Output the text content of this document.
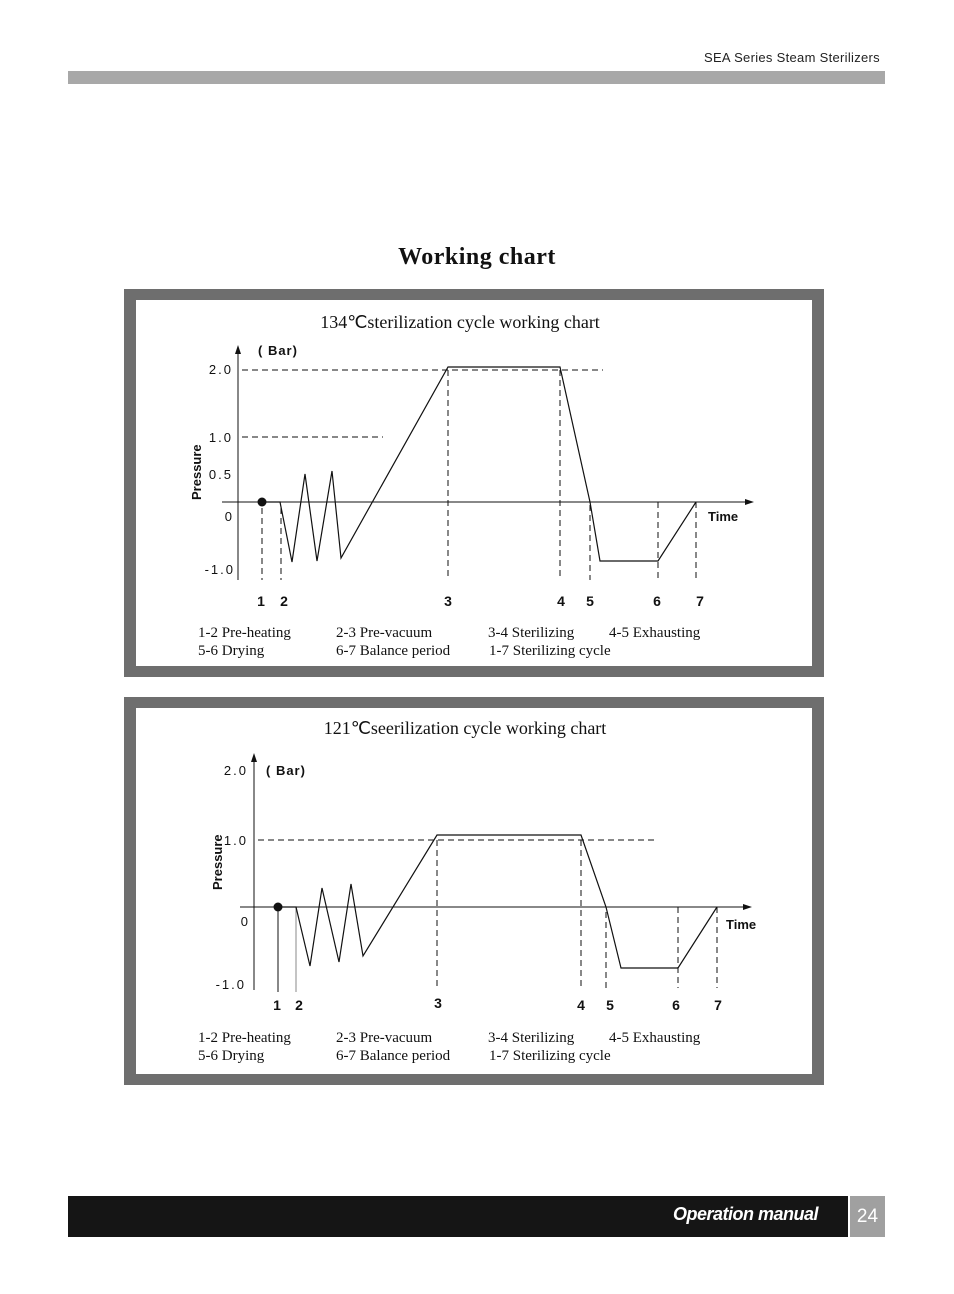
SEA Series Steam Sterilizers
Working chart
134℃sterilization cycle working chart
( Bar)
Pressure
Time
2.0
1.0
0.5
0
-1.0
1 2	3	4 5	6	7
1-2 Pre-heating	2-3 Pre-vacuum	3-4 Sterilizing 4-5 Exhausting
5-6 Drying	6-7 Balance period	1-7 Sterilizing cycle
121℃seerilization cycle working chart
( Bar)
Pressure
Time
2.0
1.0
0
-1.0
1 2	3	4 5	6 7
1-2 Pre-heating	2-3 Pre-vacuum	3-4 Sterilizing 4-5 Exhausting
5-6 Drying	6-7 Balance period	1-7 Sterilizing cycle
Operation manual	24
